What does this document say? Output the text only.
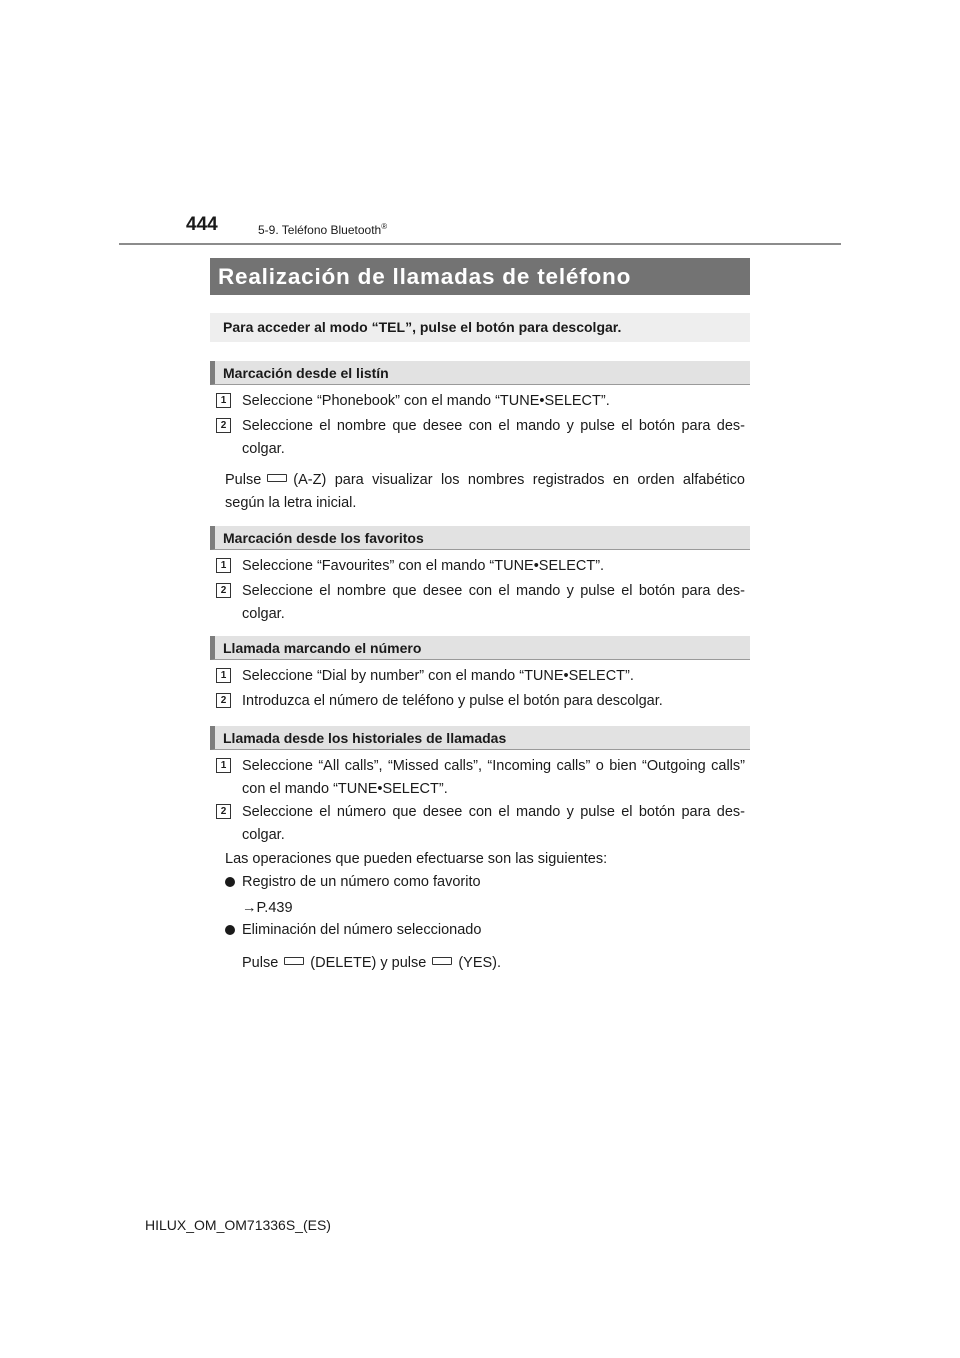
444	5-9. Teléfono Bluetooth®
Realización de llamadas de teléfono
Para acceder al modo “TEL”, pulse el botón para descolgar.
Marcación desde el listín
1	Seleccione “Phonebook” con el mando “TUNE•SELECT”.
2	Seleccione el nombre que desee con el mando y pulse el botón para des-colgar.
Pulse (A-Z) para visualizar los nombres registrados en orden alfabético según la letra inicial.
Marcación desde los favoritos
1	Seleccione “Favourites” con el mando “TUNE•SELECT”.
2	Seleccione el nombre que desee con el mando y pulse el botón para des-colgar.
Llamada marcando el número
1	Seleccione “Dial by number” con el mando “TUNE•SELECT”.
2	Introduzca el número de teléfono y pulse el botón para descolgar.
Llamada desde los historiales de llamadas
1	Seleccione “All calls”, “Missed calls”, “Incoming calls” o bien “Outgoing calls” con el mando “TUNE•SELECT”.
2	Seleccione el número que desee con el mando y pulse el botón para des-colgar.
Las operaciones que pueden efectuarse son las siguientes:
Registro de un número como favorito
→P.439
Eliminación del número seleccionado
Pulse (DELETE) y pulse (YES).
HILUX_OM_OM71336S_(ES)
